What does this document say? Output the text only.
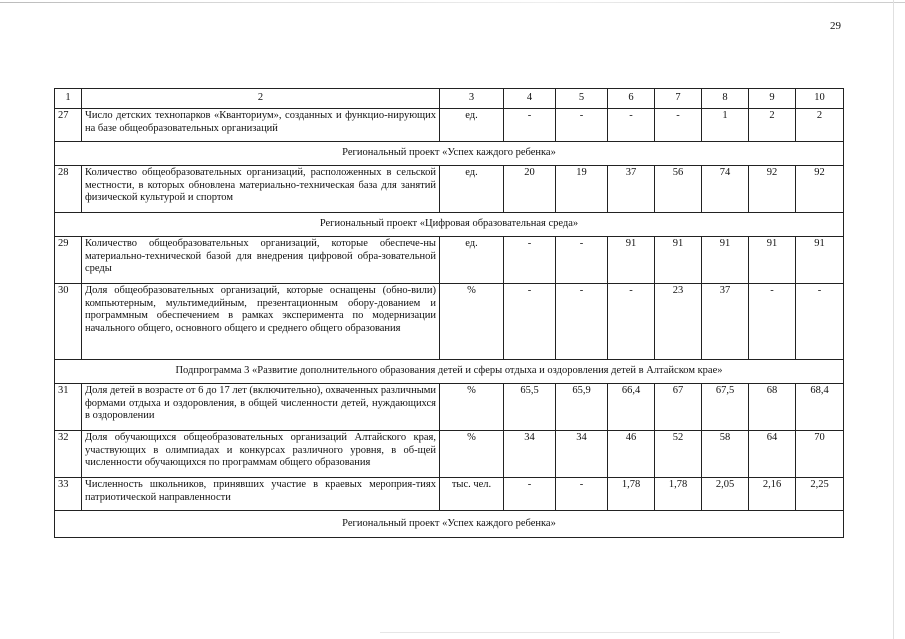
29
1	2	3	4	5	6	7	8	9	10
27	Число детских технопарков «Кванториум», созданных и функцио-нирующих на базе общеобразовательных организаций	ед.	-	-	-	-	1	2	2
Региональный проект «Успех каждого ребенка»									
28	Количество общеобразовательных организаций, расположенных в сельской местности, в которых обновлена материально-техническая база для занятий физической культурой и спортом	ед.	20	19	37	56	74	92	92
Региональный проект «Цифровая образовательная среда»									
29	Количество общеобразовательных организаций, которые обеспече-ны материально-технической базой для внедрения цифровой обра-зовательной среды	ед.	-	-	91	91	91	91	91
30	Доля общеобразовательных организаций, которые оснащены (обно-вили) компьютерным, мультимедийным, презентационным обору-дованием и программным обеспечением в рамках эксперимента по модернизации начального общего, основного общего и среднего общего образования	%	-	-	-	23	37	-	-
Подпрограмма 3 «Развитие дополнительного образования детей и сферы отдыха и оздоровления детей в Алтайском крае»									
31	Доля детей в возрасте от 6 до 17 лет (включительно), охваченных различными формами отдыха и оздоровления, в общей численности детей, нуждающихся в оздоровлении	%	65,5	65,9	66,4	67	67,5	68	68,4
32	Доля обучающихся общеобразовательных организаций Алтайского края, участвующих в олимпиадах и конкурсах различного уровня, в об-щей численности обучающихся по программам общего образования	%	34	34	46	52	58	64	70
33	Численность школьников, принявших участие в краевых мероприя-тиях патриотической направленности	тыс. чел.	-	-	1,78	1,78	2,05	2,16	2,25
Региональный проект «Успех каждого ребенка»									
